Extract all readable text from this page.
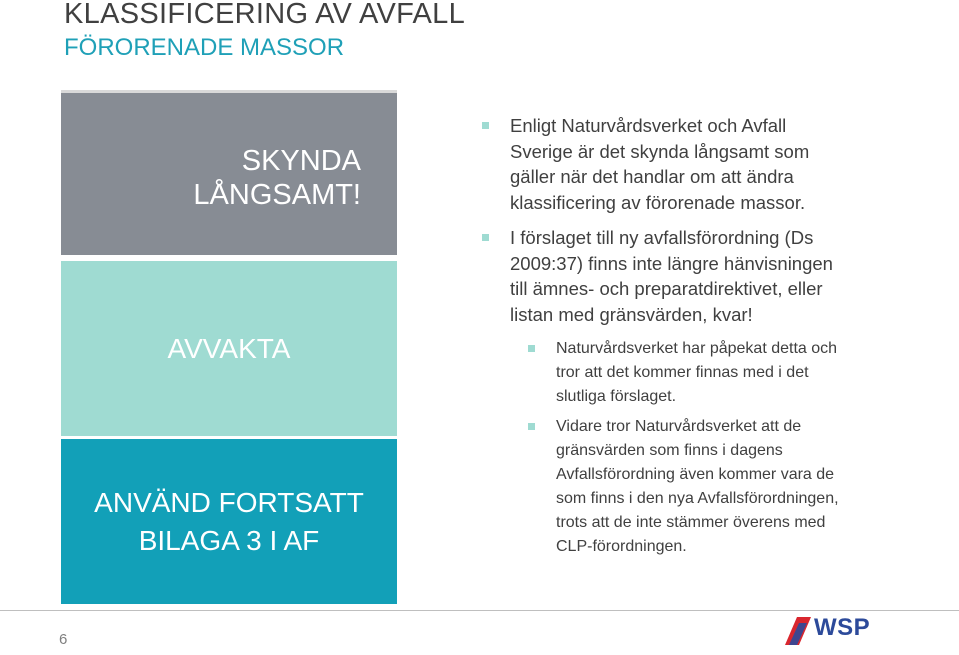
KLASSIFICERING AV AVFALL
FÖRORENADE MASSOR
SKYNDA
LÅNGSAMT!
AVVAKTA
ANVÄND FORTSATT
BILAGA 3 I AF
Enligt Naturvårdsverket och Avfall
Sverige är det skynda långsamt som
gäller när det handlar om att ändra
klassificering av förorenade massor.
I förslaget till ny avfallsförordning (Ds
2009:37) finns inte längre hänvisningen
till ämnes- och preparatdirektivet, eller
listan med gränsvärden, kvar!
Naturvårdsverket har påpekat detta och
tror att det kommer finnas med i det
slutliga förslaget.
Vidare tror Naturvårdsverket att de
gränsvärden som finns i dagens
Avfallsförordning även kommer vara de
som finns i den nya Avfallsförordningen,
trots att de inte stämmer överens med
CLP-förordningen.
6	WSP
